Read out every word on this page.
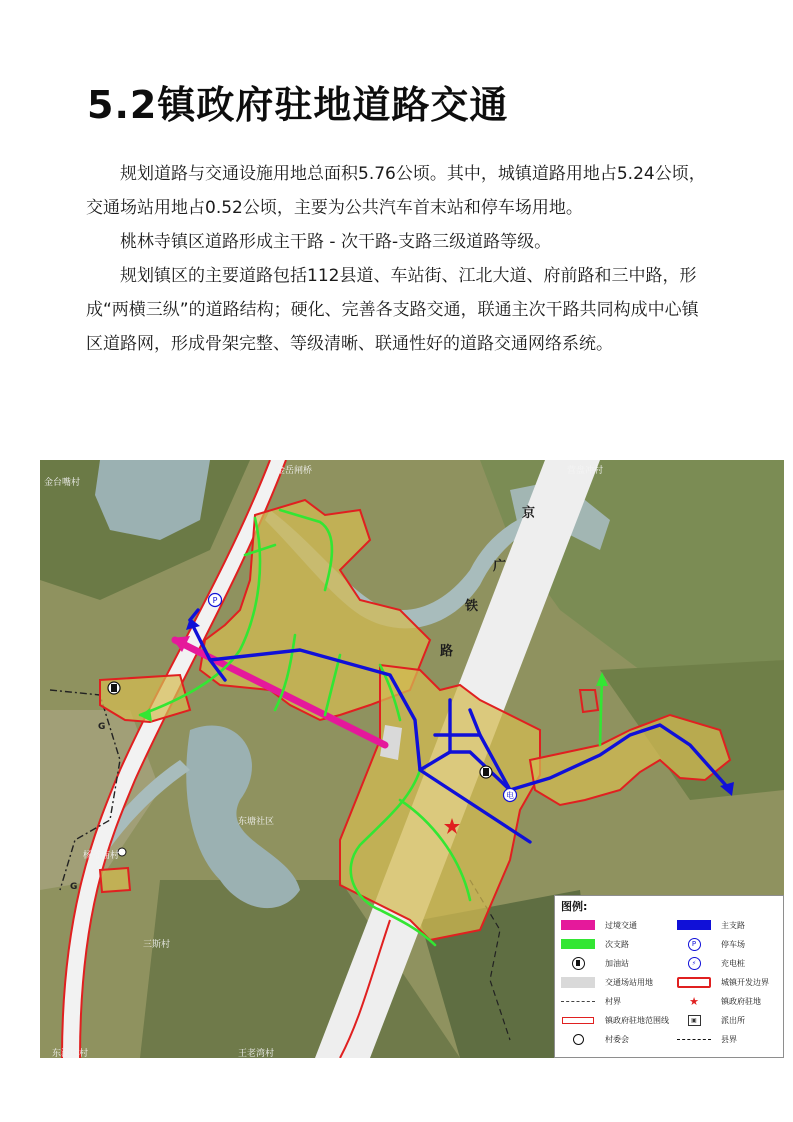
5.2镇政府驻地道路交通

规划道路与交通设施用地总面积5.76公顷。其中，城镇道路用地占5.24公顷，交通场站用地占0.52公顷，主要为公共汽车首末站和停车场用地。

桃林寺镇区道路形成主干路 - 次干路-支路三级道路等级。

规划镇区的主要道路包括112县道、车站街、江北大道、府前路和三中路，形成“两横三纵”的道路结构；硬化、完善各支路交通，联通主次干路共同构成中心镇区道路网，形成骨架完整、等级清晰、联通性好的道路交通网络系统。

P
电
京
广
铁
路
东塘社区
杨爷庙村
三斯村
金台嘴村
金岳闸桥	营盘冲村
东湖居村	王老湾村
G
G
图例:
过境交通	主支路
次支路	P	停车场
加油站	⚡	充电桩
交通场站用地	城镇开发边界
村界	★	镇政府驻地
镇政府驻地范围线	▣	派出所
村委会	县界
